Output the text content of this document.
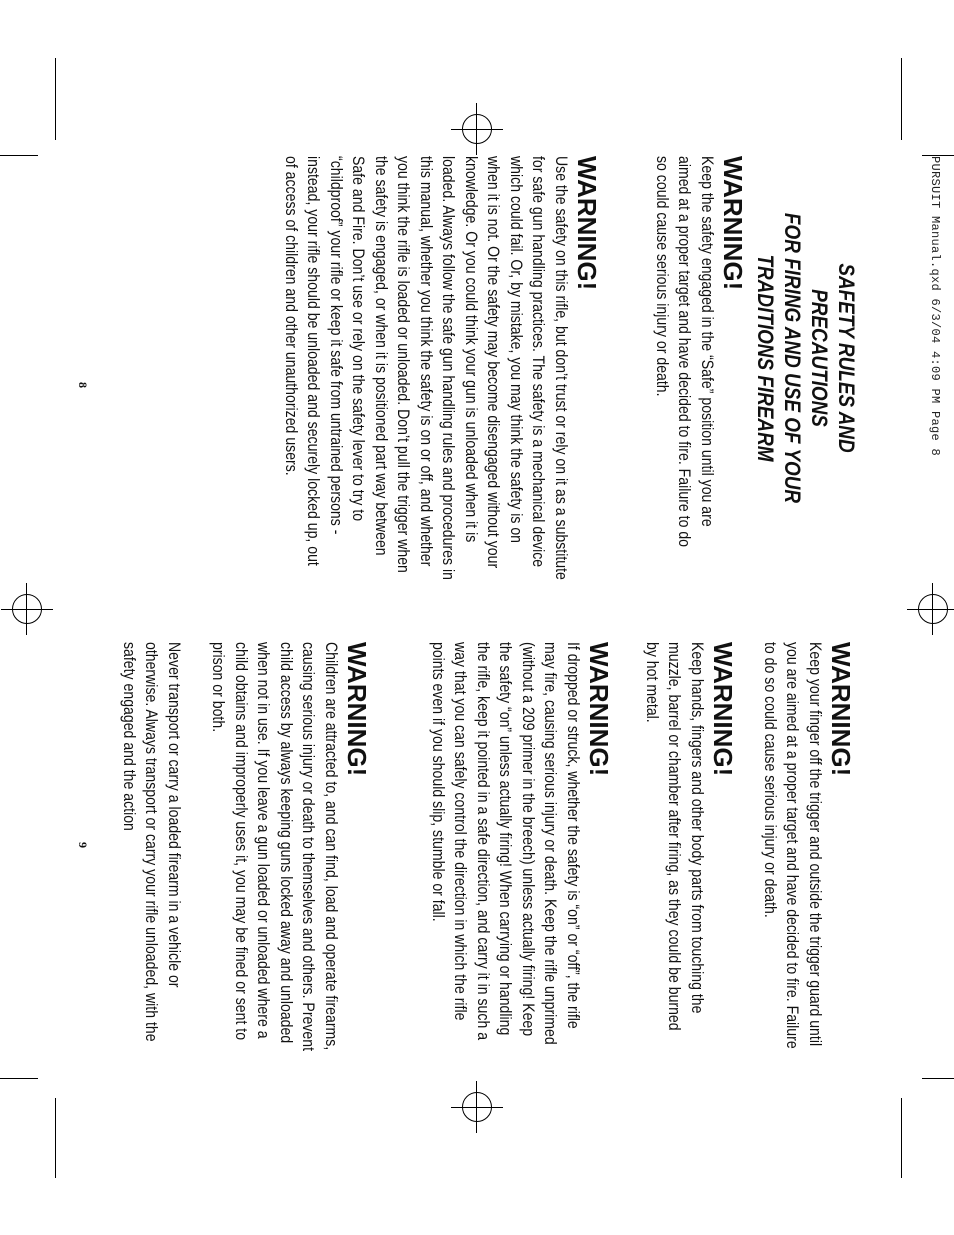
PURSUIT Manual.qxd 6/3/04 4:09 PM Page 8
SAFETY RULES AND PRECAUTIONS
FOR FIRING AND USE OF YOUR
TRADITIONS FIREARM
WARNING!

Keep the safety engaged in the “Safe” position until you are aimed at a proper target and have decided to fire. Failure to do so could cause serious injury or death.

WARNING!

Use the safety on this rifle, but don’t trust or rely on it as a substitute for safe gun handling practices. The safety is a mechanical device which could fail. Or, by mistake, you may think the safety is on when it is not. Or the safety may become disengaged without your knowledge. Or you could think your gun is unloaded when it is loaded. Always follow the safe gun handling rules and procedures in this manual, whether you think the safety is on or off, and whether you think the rifle is loaded or unloaded. Don’t pull the trigger when the safety is engaged, or when it is positioned part way between Safe and Fire. Don’t use or rely on the safety lever to try to “childproof” your rifle or keep it safe from untrained persons - instead, your rifle should be unloaded and securely locked up, out of access of children and other unauthorized users.

8
WARNING!

Keep your finger off the trigger and outside the trigger guard until you are aimed at a proper target and have decided to fire. Failure to do so could cause serious injury or death.

WARNING!

Keep hands, fingers and other body parts from touching the muzzle, barrel or chamber after firing, as they could be burned by hot metal.

WARNING!

If dropped or struck, whether the safety is “on” or “off”, the rifle may fire, causing serious injury or death. Keep the rifle unprimed (without a 209 primer in the breech) unless actually firing! Keep the safety “on” unless actually firing! When carrying or handling the rifle, keep it pointed in a safe direction, and carry it in such a way that you can safely control the direction in which the rifle points even if you should slip, stumble or fall.

WARNING!

Children are attracted to, and can find, load and operate firearms, causing serious injury or death to themselves and others. Prevent child access by always keeping guns locked away and unloaded when not in use. If you leave a gun loaded or unloaded where a child obtains and improperly uses it, you may be fined or sent to prison or both.

Never transport or carry a loaded firearm in a vehicle or otherwise. Always transport or carry your rifle unloaded, with the safety engaged and the action

9
